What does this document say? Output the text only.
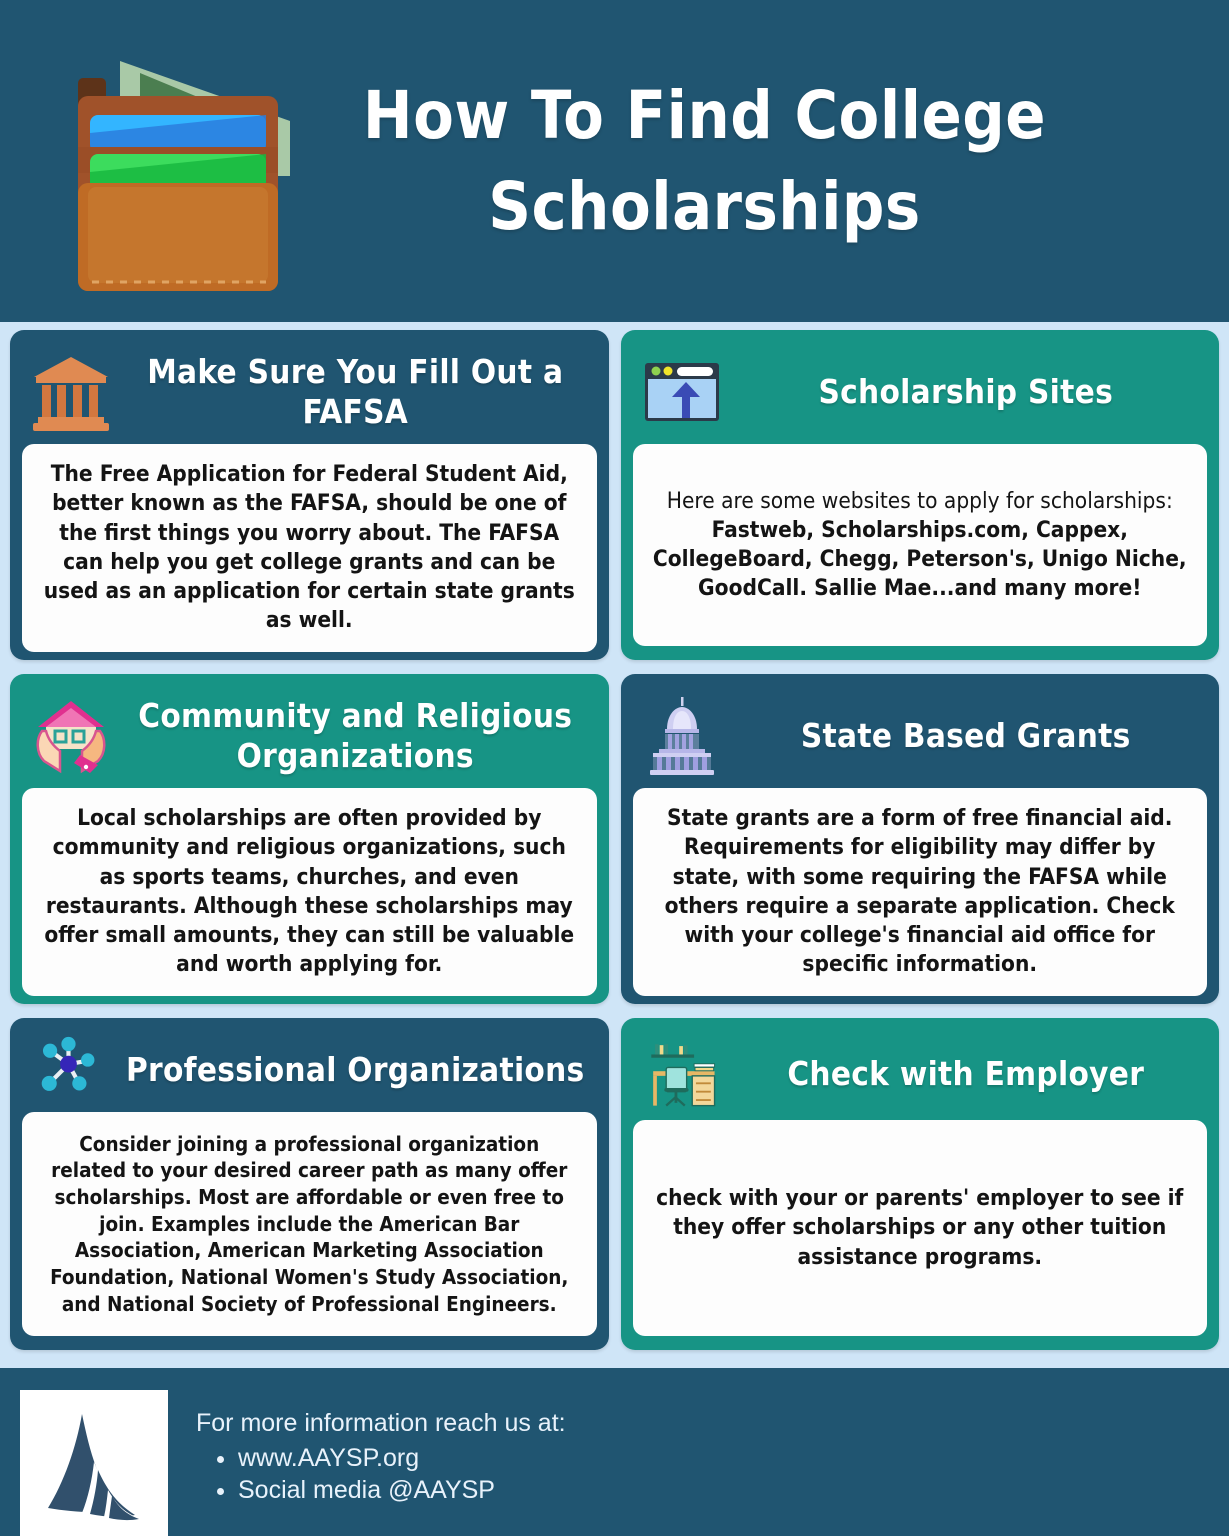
How To Find College
Scholarships
Make Sure You Fill Out a FAFSA

The Free Application for Federal Student Aid, better known as the FAFSA, should be one of the first things you worry about. The FAFSA can help you get college grants and can be used as an application for certain state grants as well.

Scholarship Sites

Here are some websites to apply for scholarships:

Fastweb, Scholarships.com, Cappex, CollegeBoard, Chegg, Peterson's, Unigo Niche, GoodCall. Sallie Mae...and many more!

Community and Religious Organizations

Local scholarships are often provided by community and religious organizations, such as sports teams, churches, and even restaurants. Although these scholarships may offer small amounts, they can still be valuable and worth applying for.

State Based Grants

State grants are a form of free financial aid. Requirements for eligibility may differ by state, with some requiring the FAFSA while others require a separate application. Check with your college's financial aid office for specific information.

Professional Organizations

Consider joining a professional organization related to your desired career path as many offer scholarships. Most are affordable or even free to join. Examples include the American Bar Association, American Marketing Association Foundation, National Women's Study Association, and National Society of Professional Engineers.

Check with Employer

check with your or parents' employer to see if they offer scholarships or any other tuition assistance programs.

For more information reach us at:
• www.AAYSP.org
• Social media @AAYSP
